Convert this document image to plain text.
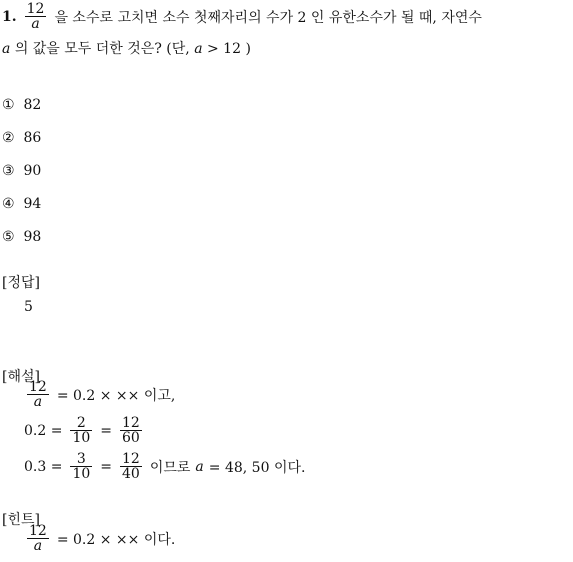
1. $\frac{12}{a}$ 을 소수로 고치면 소수 첫째자리의 수가 2 인 유한소수가 될 때, 자연수
a 의 값을 모두 더한 것은? (단, a > 12 )
① 82
② 86
③ 90
④ 94
⑤ 98
[정답]
5
[해설]
$\frac{12}{a} = 0.2$ × ×× 이고,
$0.2 = \frac{2}{10} = \frac{12}{60}$
$0.3 = \frac{3}{10} = \frac{12}{40}$ 이므로 a = 48, 50 이다.
[힌트]
$\frac{12}{a} = 0.2$ × ×× 이다.
